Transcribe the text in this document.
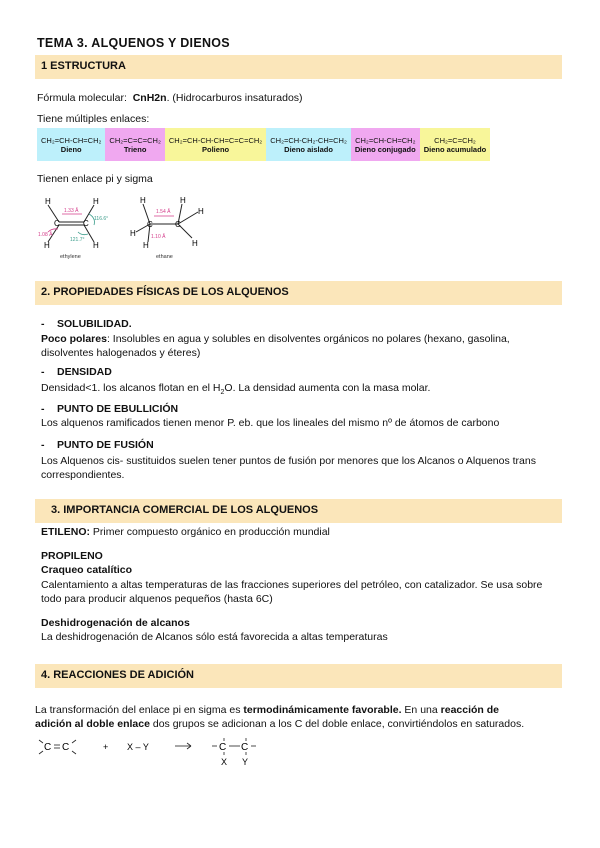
TEMA 3. ALQUENOS Y DIENOS
1 ESTRUCTURA
Fórmula molecular: CnH2n. (Hidrocarburos insaturados)
Tiene múltiples enlaces:
CH₂=CH-CH=CH₂
Dieno
	CH₂=C=C=CH₂
Trieno
	CH₂=CH-CH-CH=C=C=CH₂
Polieno
	CH₂=CH-CH₂-CH=CH₂
Dieno aislado
	CH₂=CH-CH=CH₂
Dieno conjugado
	CH₂=C=CH₂
Dieno acumulado
Tienen enlace pi y sigma
H	H
C	C
H	H
1.33 Å
1.08 Å
116.6°
121.7°
ethylene
H
H
H
C	C
H
H
H
1.54 Å
1.10 Å
ethane
2. PROPIEDADES FÍSICAS DE LOS ALQUENOS
- SOLUBILIDAD.
Poco polares: Insolubles en agua y solubles en disolventes orgánicos no polares (hexano, gasolina,
disolventes halogenados y éteres)
- DENSIDAD
Densidad<1. los alcanos flotan en el $H_2O$. La densidad aumenta con la masa molar.
- PUNTO DE EBULLICIÓN
Los alquenos ramificados tienen menor P. eb. que los lineales del mismo nº de átomos de carbono
- PUNTO DE FUSIÓN
Los Alquenos cis- sustituidos suelen tener puntos de fusión por menores que los Alcanos o Alquenos trans
correspondientes.
3. IMPORTANCIA COMERCIAL DE LOS ALQUENOS
ETILENO: Primer compuesto orgánico en producción mundial
PROPILENO
Craqueo catalítico
Calentamiento a altas temperaturas de las fracciones superiores del petróleo, con catalizador. Se usa sobre
todo para producir alquenos pequeños (hasta 6C)
Deshidrogenación de alcanos
La deshidrogenación de Alcanos sólo está favorecida a altas temperaturas
4. REACCIONES DE ADICIÓN
La transformación del enlace pi en sigma es termodinámicamente favorable. En una reacción de
adición al doble enlace dos grupos se adicionan a los C del doble enlace, convirtiéndolos en saturados.
C C	+ X – Y	C C
X Y
